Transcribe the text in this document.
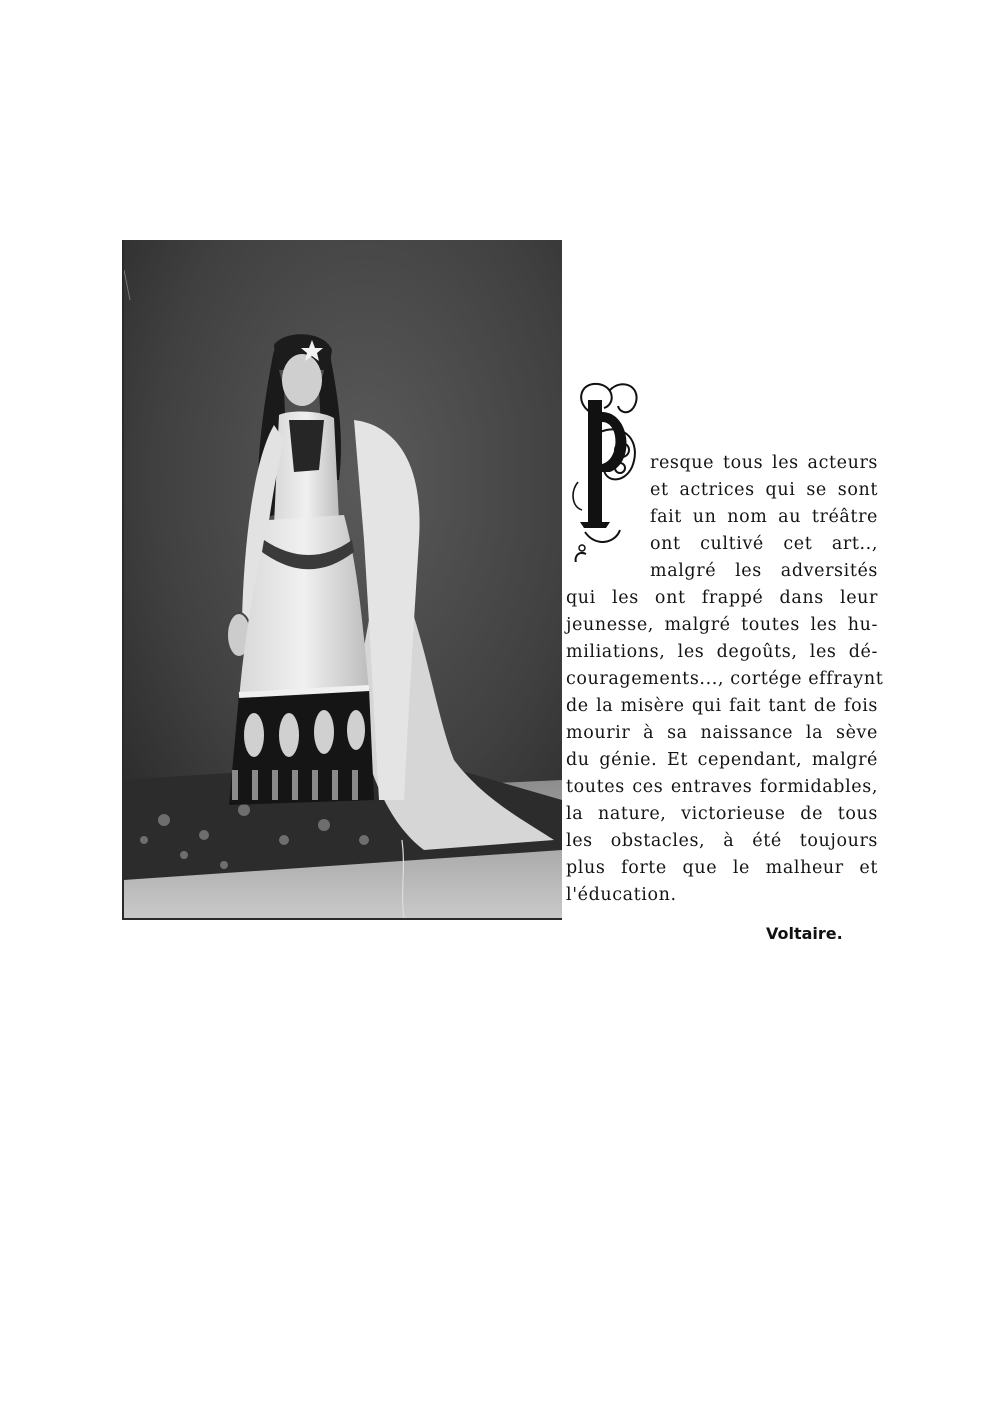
resque tous les acteurs
et actrices qui se sont
fait un nom au tréâtre
ont cultivé cet art..,
malgré les adversités
qui les ont frappé dans leur
jeunesse, malgré toutes les hu-
miliations, les degoûts, les dé-
couragements..., cortége effraynt
de la misère qui fait tant de fois
mourir à sa naissance la sève
du génie. Et cependant, malgré
toutes ces entraves formidables,
la nature, victorieuse de tous
les obstacles, à été toujours
plus forte que le malheur et
l'éducation.
Voltaire.
